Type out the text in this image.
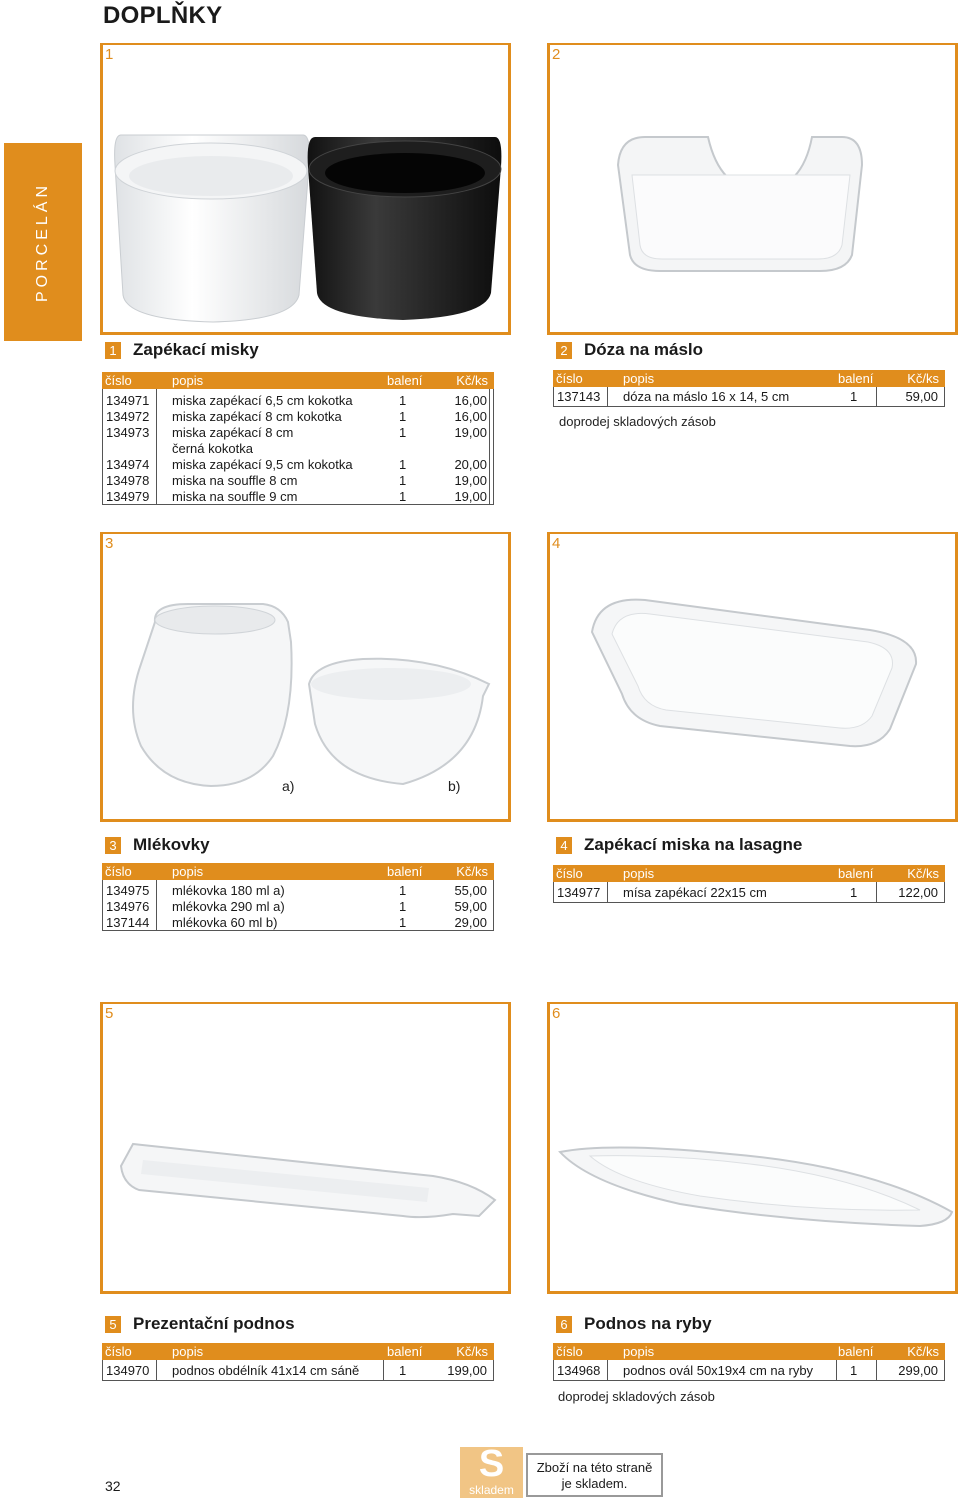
DOPLŇKY
PORCELÁN
1	2
3
a)	b)
4
5	6
1 Zapékací misky
číslo	popis	balení	Kč/ks
134971 miska zapékací 6,5 cm kokotka	1	16,00
134972 miska zapékací 8 cm kokotka	1	16,00
134973 miska zapékací 8 cm	1	19,00
černá kokotka
134974 miska zapékací 9,5 cm kokotka	1	20,00
134978 miska na souffle 8 cm	1	19,00
134979 miska na souffle 9 cm	1	19,00
2 Dóza na máslo
číslo	popis	balení	Kč/ks
137143 dóza na máslo 16 x 14, 5 cm	1	59,00
doprodej skladových zásob
3 Mlékovky
číslo	popis	balení	Kč/ks
134975 mlékovka 180 ml a)	1	55,00
134976 mlékovka 290 ml a)	1	59,00
137144 mlékovka 60 ml b)	1	29,00
4 Zapékací miska na lasagne
číslo	popis	balení	Kč/ks
134977 mísa zapékací 22x15 cm	1	122,00
5 Prezentační podnos
číslo	popis	balení	Kč/ks
134970 podnos obdélník 41x14 cm sáně	1	199,00
6 Podnos na ryby
číslo	popis	balení	Kč/ks
134968 podnos ovál 50x19x4 cm na ryby	1	299,00
doprodej skladových zásob
32
S
skladem
Zboží na této straně
je skladem.
